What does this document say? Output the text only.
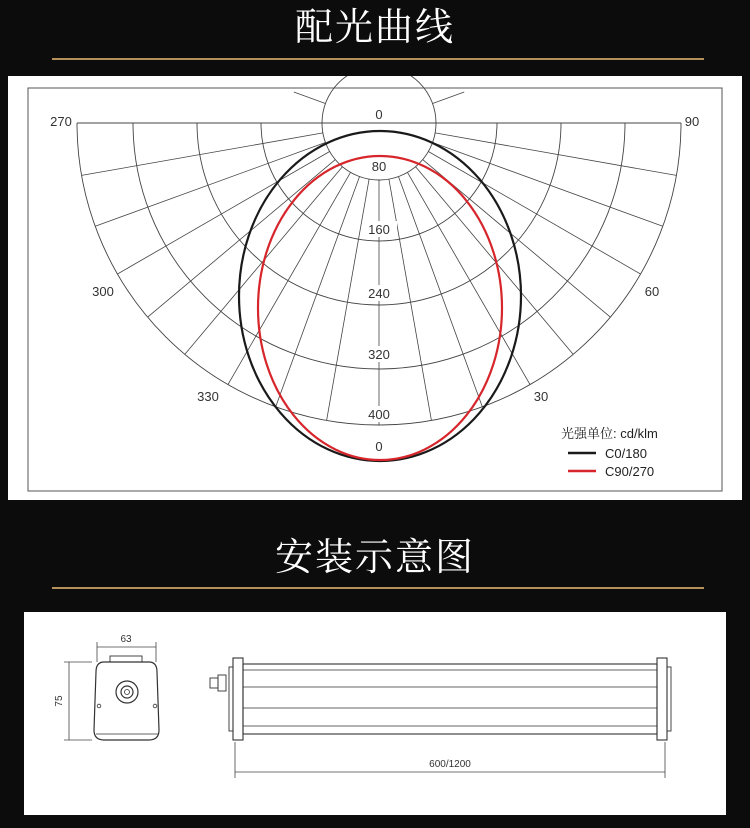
配光曲线
0
270	90
300	60
330	30
0
80
160
240
320
400
光强单位: cd/klm
C0/180
C90/270
安装示意图
63
75
600/1200
